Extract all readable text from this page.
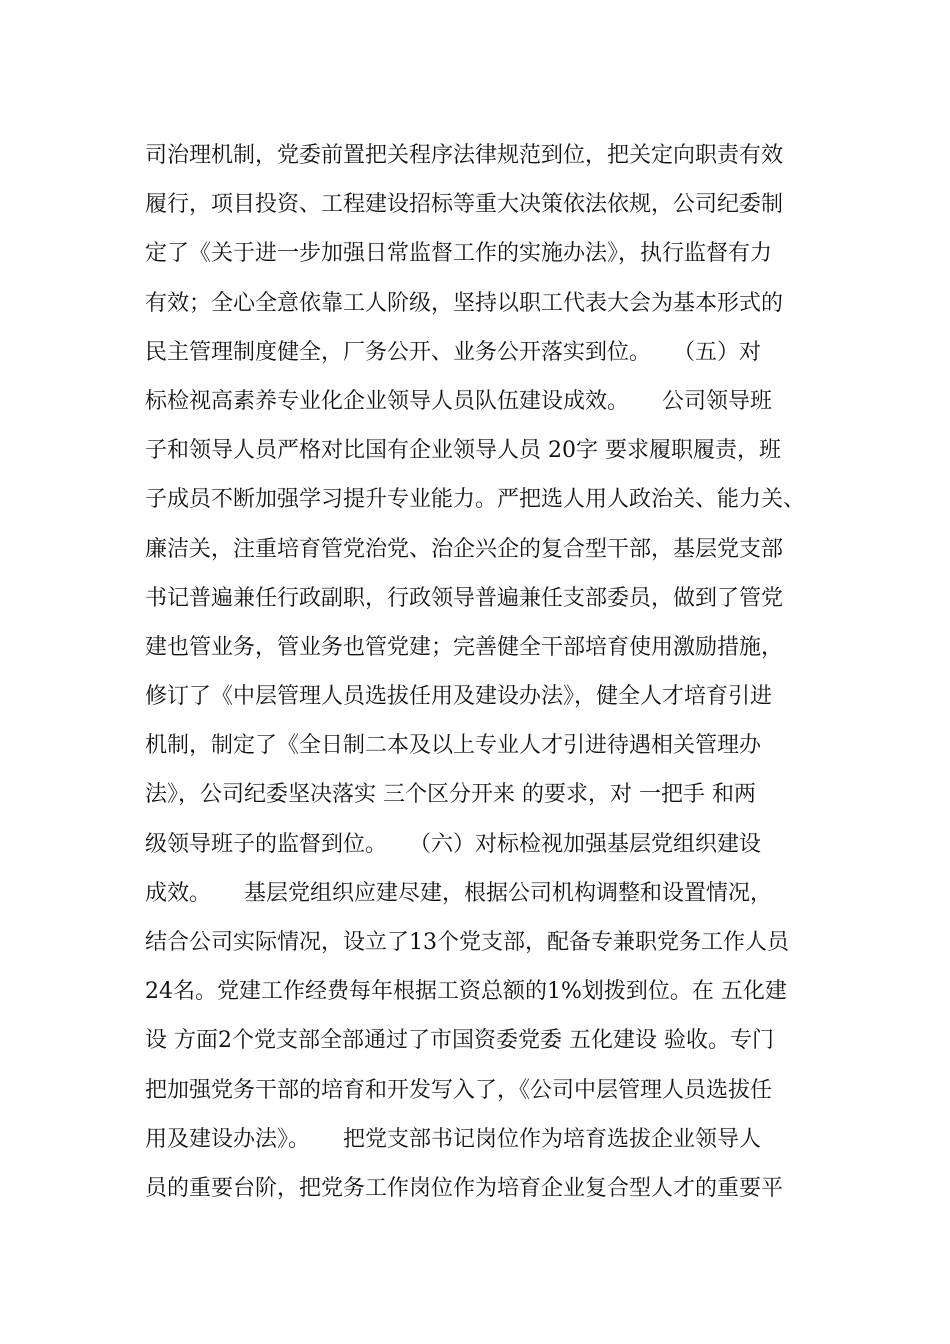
司治理机制，党委前置把关程序法律规范到位，把关定向职责有效
履行，项目投资、工程建设招标等重大决策依法依规，公司纪委制
定了《关于进一步加强日常监督工作的实施办法》，执行监督有力
有效；全心全意依靠工人阶级，坚持以职工代表大会为基本形式的
民主管理制度健全，厂务公开、业务公开落实到位。　　（五）对
标检视高素养专业化企业领导人员队伍建设成效。　　公司领导班
子和领导人员严格对比国有企业领导人员 20字 要求履职履责，班
子成员不断加强学习提升专业能力。严把选人用人政治关、能力关、
廉洁关，注重培育管党治党、治企兴企的复合型干部，基层党支部
书记普遍兼任行政副职，行政领导普遍兼任支部委员，做到了管党
建也管业务，管业务也管党建；完善健全干部培育使用激励措施，
修订了《中层管理人员选拔任用及建设办法》，健全人才培育引进
机制，制定了《全日制二本及以上专业人才引进待遇相关管理办
法》，公司纪委坚决落实 三个区分开来 的要求，对 一把手 和两
级领导班子的监督到位。　　（六）对标检视加强基层党组织建设
成效。　　基层党组织应建尽建，根据公司机构调整和设置情况，
结合公司实际情况，设立了13个党支部，配备专兼职党务工作人员
24名。党建工作经费每年根据工资总额的1%划拨到位。在 五化建
设 方面2个党支部全部通过了市国资委党委 五化建设 验收。专门
把加强党务干部的培育和开发写入了，《公司中层管理人员选拔任
用及建设办法》。　　把党支部书记岗位作为培育选拔企业领导人
员的重要台阶，把党务工作岗位作为培育企业复合型人才的重要平
